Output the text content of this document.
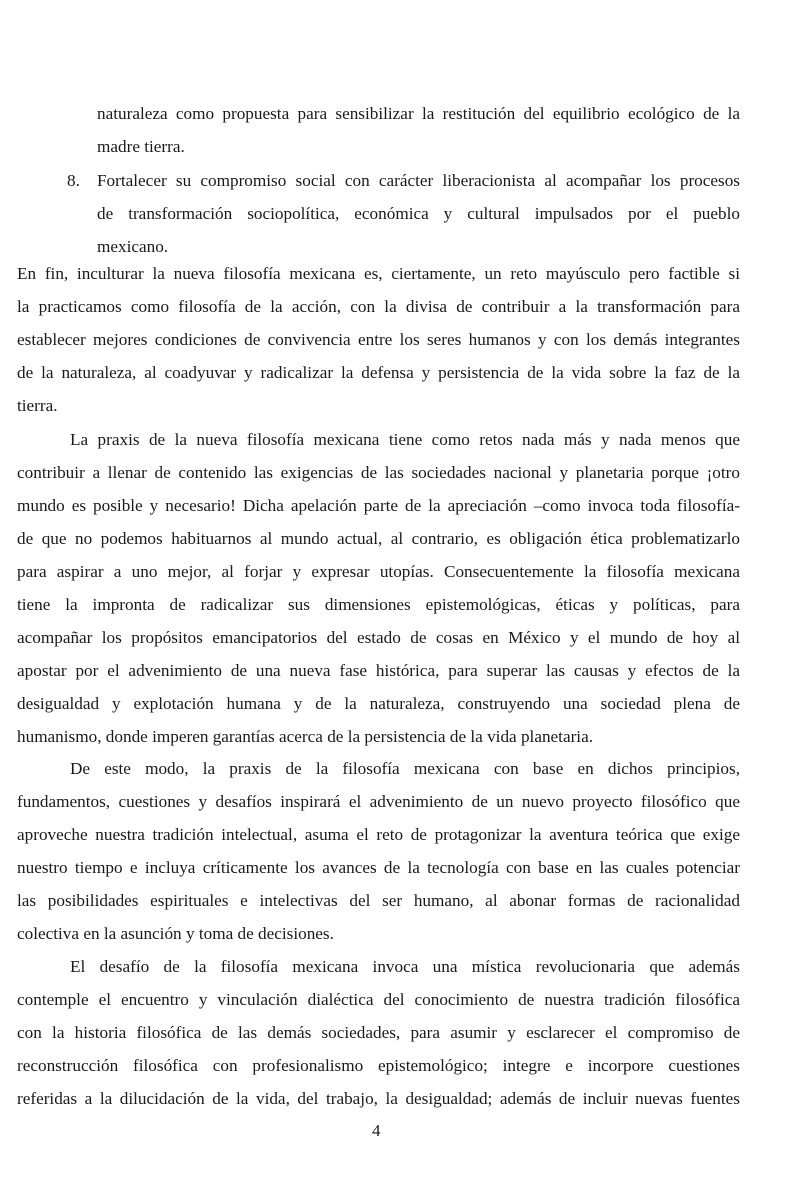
naturaleza como propuesta para sensibilizar la restitución del equilibrio ecológico de la

madre tierra.

8. Fortalecer su compromiso social con carácter liberacionista al acompañar los procesos

de transformación sociopolítica, económica y cultural impulsados por el pueblo

mexicano.

En fin, inculturar la nueva filosofía mexicana es, ciertamente, un reto mayúsculo pero factible si

la practicamos como filosofía de la acción, con la divisa de contribuir a la transformación para

establecer mejores condiciones de convivencia entre los seres humanos y con los demás integrantes

de la naturaleza, al coadyuvar y radicalizar la defensa y persistencia de la vida sobre la faz de la

tierra.

La praxis de la nueva filosofía mexicana tiene como retos nada más y nada menos que

contribuir a llenar de contenido las exigencias de las sociedades nacional y planetaria porque ¡otro

mundo es posible y necesario! Dicha apelación parte de la apreciación –como invoca toda filosofía-

de que no podemos habituarnos al mundo actual, al contrario, es obligación ética problematizarlo

para aspirar a uno mejor, al forjar y expresar utopías. Consecuentemente la filosofía mexicana

tiene la impronta de radicalizar sus dimensiones epistemológicas, éticas y políticas, para

acompañar los propósitos emancipatorios del estado de cosas en México y el mundo de hoy al

apostar por el advenimiento de una nueva fase histórica, para superar las causas y efectos de la

desigualdad y explotación humana y de la naturaleza, construyendo una sociedad plena de

humanismo, donde imperen garantías acerca de la persistencia de la vida planetaria.

De este modo, la praxis de la filosofía mexicana con base en dichos principios,

fundamentos, cuestiones y desafíos inspirará el advenimiento de un nuevo proyecto filosófico que

aproveche nuestra tradición intelectual, asuma el reto de protagonizar la aventura teórica que exige

nuestro tiempo e incluya críticamente los avances de la tecnología con base en las cuales potenciar

las posibilidades espirituales e intelectivas del ser humano, al abonar formas de racionalidad

colectiva en la asunción y toma de decisiones.

El desafío de la filosofía mexicana invoca una mística revolucionaria que además

contemple el encuentro y vinculación dialéctica del conocimiento de nuestra tradición filosófica

con la historia filosófica de las demás sociedades, para asumir y esclarecer el compromiso de

reconstrucción filosófica con profesionalismo epistemológico; integre e incorpore cuestiones

referidas a la dilucidación de la vida, del trabajo, la desigualdad; además de incluir nuevas fuentes

4
